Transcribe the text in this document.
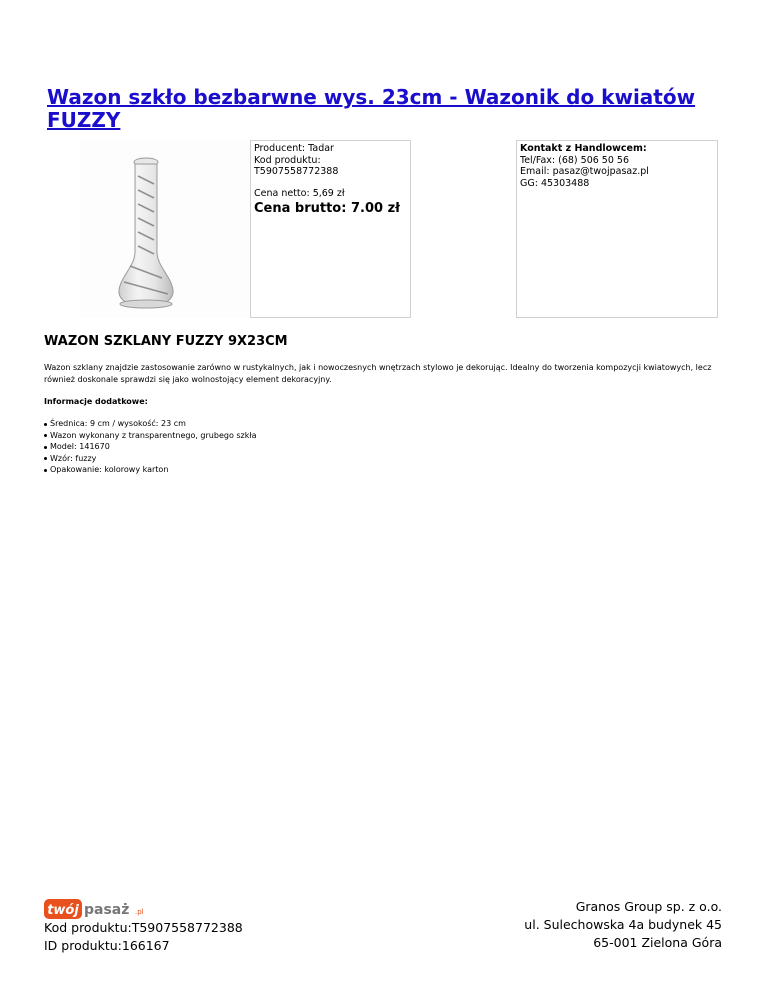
Wazon szkło bezbarwne wys. 23cm - Wazonik do kwiatów FUZZY
Producent: Tadar
Kod produktu: T5907558772388
Cena netto: 5,69 zł
Cena brutto: 7.00 zł
Kontakt z Handlowcem:
Tel/Fax: (68) 506 50 56
Email: pasaz@twojpasaz.pl
GG: 45303488
WAZON SZKLANY FUZZY 9X23CM

Wazon szklany znajdzie zastosowanie zarówno w rustykalnych, jak i nowoczesnych wnętrzach stylowo je dekorując. Idealny do tworzenia kompozycji kwiatowych, lecz również doskonale sprawdzi się jako wolnostojący element dekoracyjny.

Informacje dodatkowe:

Średnica: 9 cm / wysokość: 23 cm
Wazon wykonany z transparentnego, grubego szkła
Model: 141670
Wzór: fuzzy
Opakowanie: kolorowy karton
twój pasaż .pl
Kod produktu:T5907558772388
ID produktu:166167
Granos Group sp. z o.o.
ul. Sulechowska 4a budynek 45
65-001 Zielona Góra
